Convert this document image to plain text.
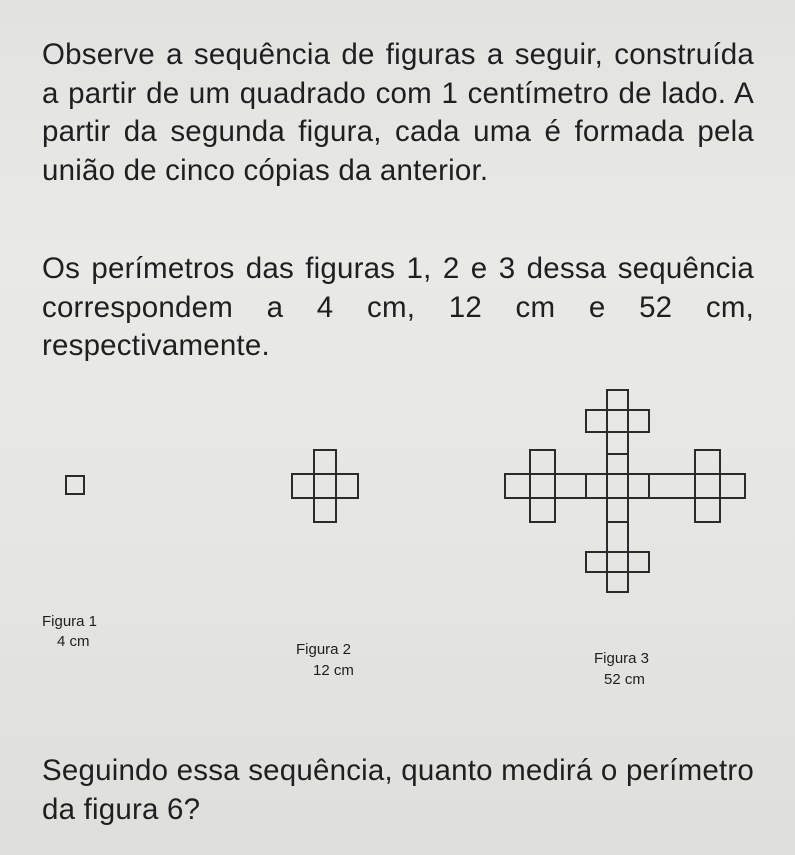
Observe a sequência de figuras a seguir, construída a partir de um quadrado com 1 centímetro de lado. A partir da segunda figura, cada uma é formada pela união de cinco cópias da anterior.

Os perímetros das figuras 1, 2 e 3 dessa sequência correspondem a 4 cm, 12 cm e 52 cm, respectivamente.

Figura 1

4 cm	Figura 2

12 cm

Figura 3

52 cm

Seguindo essa sequência, quanto medirá o perímetro da figura 6?
